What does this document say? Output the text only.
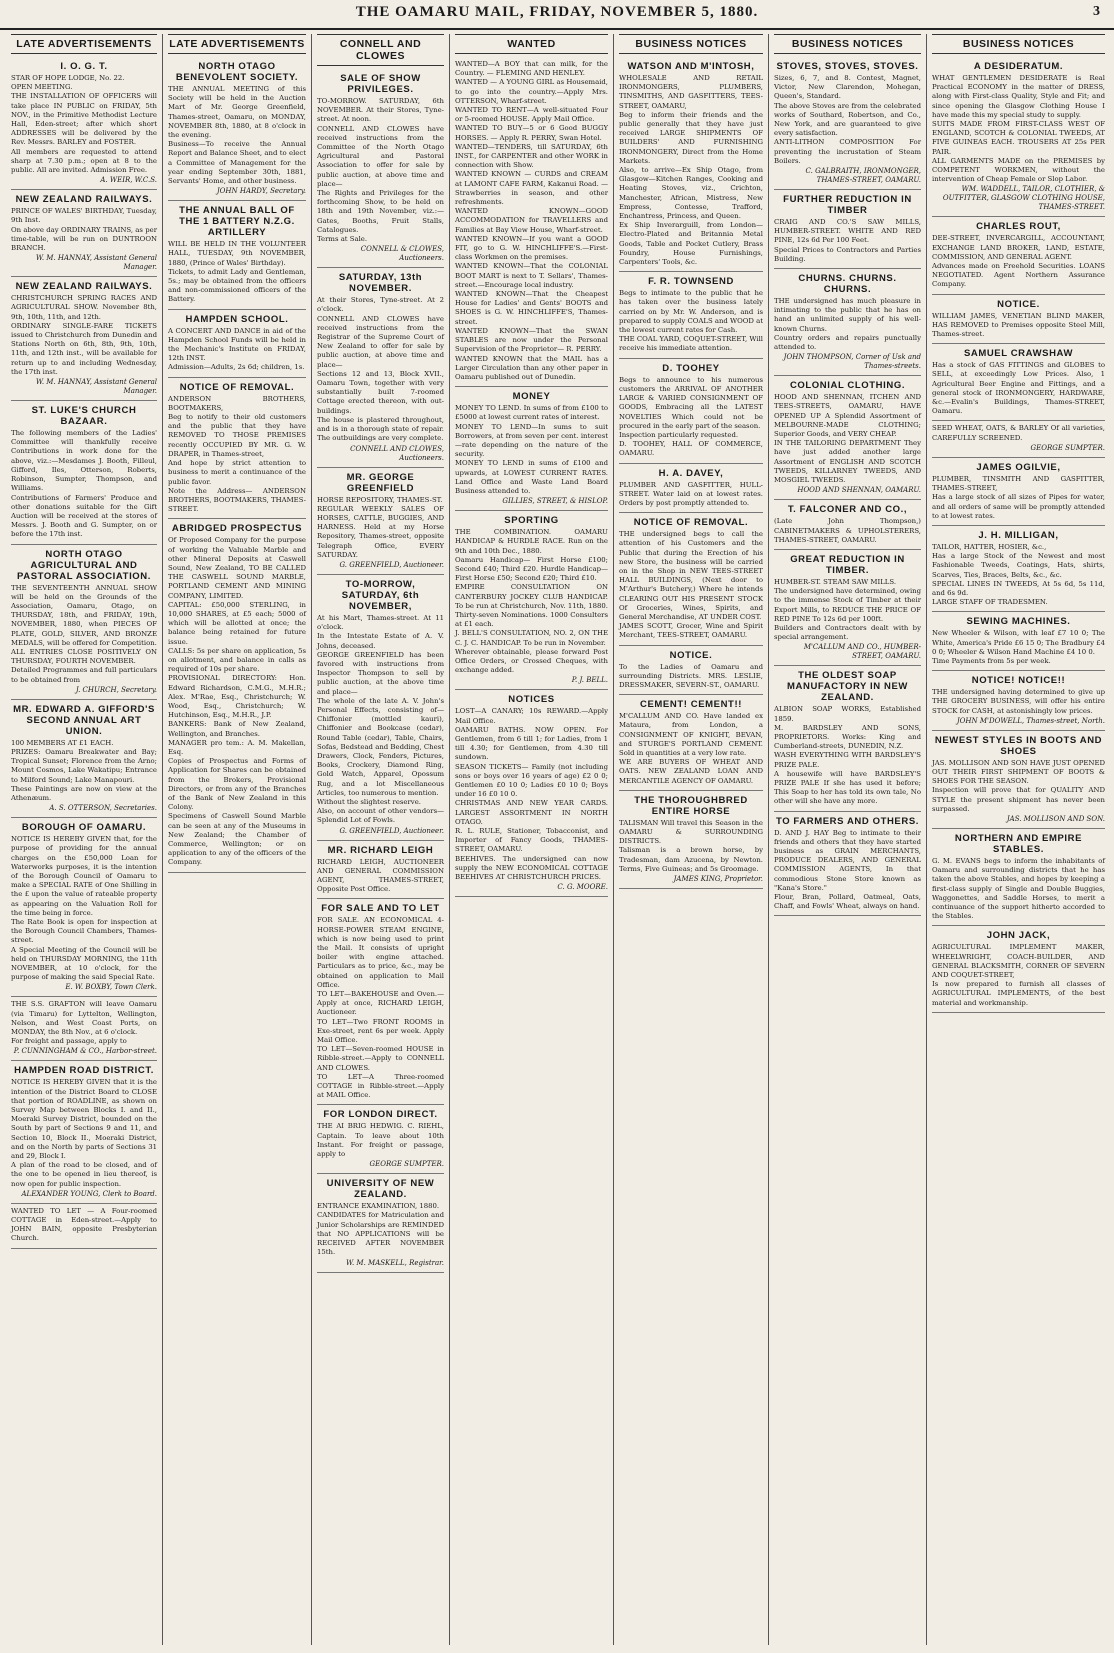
THE OAMARU MAIL, FRIDAY, NOVEMBER 5, 1880.	3
LATE ADVERTISEMENTS
I. O. G. T.

STAR OF HOPE LODGE, No. 22.

OPEN MEETING.

THE INSTALLATION OF OFFICERS will take place IN PUBLIC on FRIDAY, 5th NOV., in the Primitive Methodist Lecture Hall, Eden-street; after which short ADDRESSES will be delivered by the Rev. Messrs. BARLEY and FOSTER.

All members are requested to attend sharp at 7.30 p.m.; open at 8 to the public. All are invited. Admission Free.

A. WEIR, W.C.S.
NEW ZEALAND RAILWAYS.

PRINCE OF WALES' BIRTHDAY, Tuesday, 9th Inst.

On above day ORDINARY TRAINS, as per time-table, will be run on DUNTROON BRANCH.

W. M. HANNAY, Assistant General Manager.
NEW ZEALAND RAILWAYS.

CHRISTCHURCH SPRING RACES AND AGRICULTURAL SHOW. November 8th, 9th, 10th, 11th, and 12th.

ORDINARY SINGLE-FARE TICKETS issued to Christchurch from Dunedin and Stations North on 6th, 8th, 9th, 10th, 11th, and 12th inst., will be available for return up to and including Wednesday, the 17th inst.

W. M. HANNAY, Assistant General Manager.
ST. LUKE'S CHURCH BAZAAR.

The following members of the Ladies' Committee will thankfully receive Contributions in work done for the above, viz.:—Mesdames J. Booth, Filleul, Gifford, Iles, Otterson, Roberts, Robinson, Sumpter, Thompson, and Williams.

Contributions of Farmers' Produce and other donations suitable for the Gift Auction will be received at the stores of Messrs. J. Booth and G. Sumpter, on or before the 17th inst.

NORTH OTAGO AGRICULTURAL AND PASTORAL ASSOCIATION.

THE SEVENTEENTH ANNUAL SHOW will be held on the Grounds of the Association, Oamaru, Otago, on THURSDAY, 18th, and FRIDAY, 19th, NOVEMBER, 1880, when PIECES OF PLATE, GOLD, SILVER, AND BRONZE MEDALS, will be offered for Competition.

ALL ENTRIES CLOSE POSITIVELY ON THURSDAY, FOURTH NOVEMBER.

Detailed Programmes and full particulars to be obtained from

J. CHURCH, Secretary.
MR. EDWARD A. GIFFORD'S SECOND ANNUAL ART UNION.

100 MEMBERS AT £1 EACH.

PRIZES: Oamaru Breakwater and Bay; Tropical Sunset; Florence from the Arno; Mount Cosmos, Lake Wakatipu; Entrance to Milford Sound; Lake Manapouri.

These Paintings are now on view at the Athenæum.

A. S. OTTERSON, Secretaries.
BOROUGH OF OAMARU.

NOTICE IS HEREBY GIVEN that, for the purpose of providing for the annual charges on the £50,000 Loan for Waterworks purposes, it is the intention of the Borough Council of Oamaru to make a SPECIAL RATE of One Shilling in the £ upon the value of rateable property as appearing on the Valuation Roll for the time being in force.

The Rate Book is open for inspection at the Borough Council Chambers, Thames-street.

A Special Meeting of the Council will be held on THURSDAY MORNING, the 11th NOVEMBER, at 10 o'clock, for the purpose of making the said Special Rate.

E. W. BOXBY, Town Clerk.

THE S.S. GRAFTON will leave Oamaru (via Timaru) for Lyttelton, Wellington, Nelson, and West Coast Ports, on MONDAY, the 8th Nov., at 6 o'clock.

For freight and passage, apply to

P. CUNNINGHAM & CO., Harbor-street.
HAMPDEN ROAD DISTRICT.

NOTICE IS HEREBY GIVEN that it is the intention of the District Board to CLOSE that portion of ROADLINE, as shown on Survey Map between Blocks I. and II., Moeraki Survey District, bounded on the South by part of Sections 9 and 11, and Section 10, Block II., Moeraki District, and on the North by parts of Sections 31 and 29, Block I.

A plan of the road to be closed, and of the one to be opened in lieu thereof, is now open for public inspection.

ALEXANDER YOUNG, Clerk to Board.

WANTED TO LET — A Four-roomed COTTAGE in Eden-street.—Apply to JOHN BAIN, opposite Presbyterian Church.

LATE ADVERTISEMENTS
NORTH OTAGO BENEVOLENT SOCIETY.

THE ANNUAL MEETING of this Society will be held in the Auction Mart of Mr. George Greenfield, Thames-street, Oamaru, on MONDAY, NOVEMBER 8th, 1880, at 8 o'clock in the evening.

Business—To receive the Annual Report and Balance Sheet, and to elect a Committee of Management for the year ending September 30th, 1881, Servants' Home, and other business.

JOHN HARDY, Secretary.
THE ANNUAL BALL OF THE 1 BATTERY N.Z.G. ARTILLERY

WILL BE HELD IN THE VOLUNTEER HALL, TUESDAY, 9th NOVEMBER, 1880, (Prince of Wales' Birthday).

Tickets, to admit Lady and Gentleman, 5s.; may be obtained from the officers and non-commissioned officers of the Battery.

HAMPDEN SCHOOL.

A CONCERT AND DANCE in aid of the Hampden School Funds will be held in the Mechanic's Institute on FRIDAY, 12th INST.

Admission—Adults, 2s 6d; children, 1s.

NOTICE OF REMOVAL.

ANDERSON BROTHERS, BOOTMAKERS,

Beg to notify to their old customers and the public that they have REMOVED TO THOSE PREMISES recently OCCUPIED BY MR. G. W. DRAPER, in Thames-street,

And hope by strict attention to business to merit a continuance of the public favor.

Note the Address— ANDERSON BROTHERS, BOOTMAKERS, THAMES-STREET.

ABRIDGED PROSPECTUS

Of Proposed Company for the purpose of working the Valuable Marble and other Mineral Deposits at Caswell Sound, New Zealand, TO BE CALLED THE CASWELL SOUND MARBLE, PORTLAND CEMENT AND MINING COMPANY, LIMITED.

CAPITAL: £50,000 STERLING, in 10,000 SHARES, at £5 each; 5000 of which will be allotted at once; the balance being retained for future issue.

CALLS: 5s per share on application, 5s on allotment, and balance in calls as required of 10s per share.

PROVISIONAL DIRECTORY: Hon. Edward Richardson, C.M.G., M.H.R.; Alex. M'Rae, Esq., Christchurch; W. Wood, Esq., Christchurch; W. Hutchinson, Esq., M.H.R., J.P.

BANKERS: Bank of New Zealand, Wellington, and Branches.

MANAGER pro tem.: A. M. Makellan, Esq.

Copies of Prospectus and Forms of Application for Shares can be obtained from the Brokers, Provisional Directors, or from any of the Branches of the Bank of New Zealand in this Colony.

Specimens of Caswell Sound Marble can be seen at any of the Museums in New Zealand; the Chamber of Commerce, Wellington; or on application to any of the officers of the Company.

CONNELL AND CLOWES
SALE OF SHOW PRIVILEGES.

TO-MORROW. SATURDAY, 6th NOVEMBER. At their Stores, Tyne-street. At noon.

CONNELL AND CLOWES have received instructions from the Committee of the North Otago Agricultural and Pastoral Association to offer for sale by public auction, at above time and place—

The Rights and Privileges for the forthcoming Show, to be held on 18th and 19th November, viz.:—Gates, Booths, Fruit Stalls, Catalogues.

Terms at Sale.

CONNELL & CLOWES, Auctioneers.
SATURDAY, 13th NOVEMBER.

At their Stores, Tyne-street. At 2 o'clock.

CONNELL AND CLOWES have received instructions from the Registrar of the Supreme Court of New Zealand to offer for sale by public auction, at above time and place—

Sections 12 and 13, Block XVII., Oamaru Town, together with very substantially built 7-roomed Cottage erected thereon, with out-buildings.

The house is plastered throughout, and is in a thorough state of repair. The outbuildings are very complete.

CONNELL AND CLOWES, Auctioneers.
MR. GEORGE GREENFIELD

HORSE REPOSITORY, THAMES-ST.

REGULAR WEEKLY SALES OF HORSES, CATTLE, BUGGIES, AND HARNESS. Held at my Horse Repository, Thames-street, opposite Telegraph Office, EVERY SATURDAY.

G. GREENFIELD, Auctioneer.
TO-MORROW, SATURDAY, 6th NOVEMBER,

At his Mart, Thames-street. At 11 o'clock.

In the Intestate Estate of A. V. Johns, deceased.

GEORGE GREENFIELD has been favored with instructions from Inspector Thompson to sell by public auction, at the above time and place—

The whole of the late A. V. John's Personal Effects, consisting of—Chiffonier (mottled kauri), Chiffonier and Bookcase (cedar), Round Table (cedar), Table, Chairs, Sofas, Bedstead and Bedding, Chest Drawers, Clock, Fenders, Pictures, Books, Crockery, Diamond Ring, Gold Watch, Apparel, Opossum Rug, and a lot Miscellaneous Articles, too numerous to mention.

Without the slightest reserve.

Also, on account of other vendors—Splendid Lot of Fowls.

G. GREENFIELD, Auctioneer.
MR. RICHARD LEIGH

RICHARD LEIGH, AUCTIONEER AND GENERAL COMMISSION AGENT, THAMES-STREET, Opposite Post Office.

FOR SALE AND TO LET

FOR SALE. AN ECONOMICAL 4-HORSE-POWER STEAM ENGINE, which is now being used to print the Mail. It consists of upright boiler with engine attached. Particulars as to price, &c., may be obtained on application to Mail Office.

TO LET—BAKEHOUSE and Oven.—Apply at once, RICHARD LEIGH, Auctioneer.

TO LET—Two FRONT ROOMS in Exe-street, rent 6s per week. Apply Mail Office.

TO LET—Seven-roomed HOUSE in Ribble-street.—Apply to CONNELL AND CLOWES.

TO LET—A Three-roomed COTTAGE in Ribble-street.—Apply at MAIL Office.

FOR LONDON DIRECT.

THE AI BRIG HEDWIG. C. RIEHL, Captain. To leave about 10th Instant. For freight or passage, apply to

GEORGE SUMPTER.
UNIVERSITY OF NEW ZEALAND.

ENTRANCE EXAMINATION, 1880.

CANDIDATES for Matriculation and Junior Scholarships are REMINDED that NO APPLICATIONS will be RECEIVED AFTER NOVEMBER 15th.

W. M. MASKELL, Registrar.
WANTED

WANTED—A BOY that can milk, for the Country. — FLEMING AND HENLEY.

WANTED — A YOUNG GIRL as Housemaid, to go into the country.—Apply Mrs. OTTERSON, Wharf-street.

WANTED TO RENT—A well-situated Four or 5-roomed HOUSE. Apply Mail Office.

WANTED TO BUY—5 or 6 Good BUGGY HORSES. — Apply R. PERRY, Swan Hotel.

WANTED—TENDERS, till SATURDAY, 6th INST., for CARPENTER and other WORK in connection with Show.

WANTED KNOWN — CURDS and CREAM at LAMONT CAFE FARM, Kakanui Road. — Strawberries in season, and other refreshments.

WANTED KNOWN—GOOD ACCOMMODATION for TRAVELLERS and Families at Bay View House, Wharf-street.

WANTED KNOWN—If you want a GOOD FIT, go to G. W. HINCHLIFFE'S.—First-class Workmen on the premises.

WANTED KNOWN—That the COLONIAL BOOT MART is next to T. Sellars', Thames-street.—Encourage local industry.

WANTED KNOWN—That the Cheapest House for Ladies' and Gents' BOOTS and SHOES is G. W. HINCHLIFFE'S, Thames-street.

WANTED KNOWN—That the SWAN STABLES are now under the Personal Supervision of the Proprietor— R. PERRY.

WANTED KNOWN that the MAIL has a Larger Circulation than any other paper in Oamaru published out of Dunedin.

MONEY

MONEY TO LEND. In sums of from £100 to £5000 at lowest current rates of interest.

MONEY TO LEND—In sums to suit Borrowers, at from seven per cent. interest—rate depending on the nature of the security.

MONEY TO LEND in sums of £100 and upwards, at LOWEST CURRENT RATES. Land Office and Waste Land Board Business attended to.

GILLIES, STREET, & HISLOP.
SPORTING

THE COMBINATION. OAMARU HANDICAP & HURDLE RACE. Run on the 9th and 10th Dec., 1880.

Oamaru Handicap— First Horse £100; Second £40; Third £20. Hurdle Handicap— First Horse £50; Second £20; Third £10.

EMPIRE CONSULTATION ON CANTERBURY JOCKEY CLUB HANDICAP. To be run at Christchurch, Nov. 11th, 1880. Thirty-seven Nominations. 1000 Consulters at £1 each.

J. BELL'S CONSULTATION, NO. 2, ON THE C. J. C. HANDICAP. To be run in November.

Wherever obtainable, please forward Post Office Orders, or Crossed Cheques, with exchange added.

P. J. BELL.
NOTICES

LOST—A CANARY; 10s REWARD.—Apply Mail Office.

OAMARU BATHS. NOW OPEN. For Gentlemen, from 6 till 1; for Ladies, from 1 till 4.30; for Gentlemen, from 4.30 till sundown.

SEASON TICKETS— Family (not including sons or boys over 16 years of age) £2 0 0; Gentlemen £0 10 0; Ladies £0 10 0; Boys under 16 £0 10 0.

CHRISTMAS AND NEW YEAR CARDS. LARGEST ASSORTMENT IN NORTH OTAGO.

R. L. RULE, Stationer, Tobacconist, and Importer of Fancy Goods, THAMES-STREET, OAMARU.

BEEHIVES. The undersigned can now supply the NEW ECONOMICAL COTTAGE BEEHIVES AT CHRISTCHURCH PRICES.

C. G. MOORE.
BUSINESS NOTICES
WATSON AND M'INTOSH,

WHOLESALE AND RETAIL IRONMONGERS, PLUMBERS, TINSMITHS, AND GASFITTERS, TEES-STREET, OAMARU,

Beg to inform their friends and the public generally that they have just received LARGE SHIPMENTS OF BUILDERS' AND FURNISHING IRONMONGERY, Direct from the Home Markets.

Also, to arrive—Ex Ship Otago, from Glasgow—Kitchen Ranges, Cooking and Heating Stoves, viz., Crichton, Manchester, African, Mistress, New Empress, Contesse, Trafford, Enchantress, Princess, and Queen.

Ex Ship Inverarguill, from London—Electro-Plated and Britannia Metal Goods, Table and Pocket Cutlery, Brass Foundry, House Furnishings, Carpenters' Tools, &c.

F. R. TOWNSEND

Begs to intimate to the public that he has taken over the business lately carried on by Mr. W. Anderson, and is prepared to supply COALS and WOOD at the lowest current rates for Cash.

THE COAL YARD, COQUET-STREET, Will receive his immediate attention.

D. TOOHEY

Begs to announce to his numerous customers the ARRIVAL OF ANOTHER LARGE & VARIED CONSIGNMENT OF GOODS, Embracing all the LATEST NOVELTIES Which could not be procured in the early part of the season.

Inspection particularly requested.

D. TOOHEY, HALL OF COMMERCE, OAMARU.

H. A. DAVEY,

PLUMBER AND GASFITTER, HULL-STREET. Water laid on at lowest rates. Orders by post promptly attended to.

NOTICE OF REMOVAL.

THE undersigned begs to call the attention of his Customers and the Public that during the Erection of his new Store, the business will be carried on in the Shop in NEW TEES-STREET HALL BUILDINGS, (Next door to M'Arthur's Butchery,) Where he intends CLEARING OUT HIS PRESENT STOCK Of Groceries, Wines, Spirits, and General Merchandise, AT UNDER COST.

JAMES SCOTT, Grocer, Wine and Spirit Merchant, TEES-STREET, OAMARU.

NOTICE.

To the Ladies of Oamaru and surrounding Districts. MRS. LESLIE, DRESSMAKER, SEVERN-ST., OAMARU.

CEMENT! CEMENT!!

M'CALLUM AND CO. Have landed ex Mataura, from London, a CONSIGNMENT OF KNIGHT, BEVAN, and STURGE'S PORTLAND CEMENT. Sold in quantities at a very low rate.

WE ARE BUYERS OF WHEAT AND OATS. NEW ZEALAND LOAN AND MERCANTILE AGENCY OF OAMARU.

THE THOROUGHBRED ENTIRE HORSE

TALISMAN Will travel this Season in the OAMARU & SURROUNDING DISTRICTS.

Talisman is a brown horse, by Tradesman, dam Azucena, by Newton. Terms, Five Guineas; and 5s Groomage.

JAMES KING, Proprietor.
BUSINESS NOTICES
STOVES, STOVES, STOVES.

Sizes, 6, 7, and 8. Contest, Magnet, Victor, New Clarendon, Mohegan, Queen's, Standard.

The above Stoves are from the celebrated works of Southard, Robertson, and Co., New York, and are guaranteed to give every satisfaction.

ANTI-LITHON COMPOSITION For preventing the incrustation of Steam Boilers.

C. GALBRAITH, IRONMONGER, THAMES-STREET, OAMARU.
FURTHER REDUCTION IN TIMBER

CRAIG AND CO.'S SAW MILLS, HUMBER-STREET. WHITE AND RED PINE, 12s 6d Per 100 Feet.

Special Prices to Contractors and Parties Building.

CHURNS. CHURNS. CHURNS.

THE undersigned has much pleasure in intimating to the public that he has on hand an unlimited supply of his well-known Churns.

Country orders and repairs punctually attended to.

JOHN THOMPSON, Corner of Usk and Thames-streets.
COLONIAL CLOTHING.

HOOD AND SHENNAN, ITCHEN AND TEES-STREETS, OAMARU, HAVE OPENED UP A Splendid Assortment of MELBOURNE-MADE CLOTHING; Superior Goods, and VERY CHEAP.

IN THE TAILORING DEPARTMENT They have just added another large Assortment of ENGLISH AND SCOTCH TWEEDS, KILLARNEY TWEEDS, AND MOSGIEL TWEEDS.

HOOD AND SHENNAN, OAMARU.
T. FALCONER AND CO.,

(Late John Thompson,) CABINETMAKERS & UPHOLSTERERS, THAMES-STREET, OAMARU.

GREAT REDUCTION IN TIMBER.

HUMBER-ST. STEAM SAW MILLS.

The undersigned have determined, owing to the immense Stock of Timber at their Export Mills, to REDUCE THE PRICE OF RED PINE To 12s 6d per 100ft.

Builders and Contractors dealt with by special arrangement.

M'CALLUM AND CO., HUMBER-STREET, OAMARU.
THE OLDEST SOAP MANUFACTORY IN NEW ZEALAND.

ALBION SOAP WORKS, Established 1859.

M. BARDSLEY AND SONS, PROPRIETORS. Works: King and Cumberland-streets, DUNEDIN, N.Z.

WASH EVERYTHING WITH BARDSLEY'S PRIZE PALE.

A housewife will have BARDSLEY'S PRIZE PALE If she has used it before; This Soap to her has told its own tale, No other will she have any more.

TO FARMERS AND OTHERS.

D. AND J. HAY Beg to intimate to their friends and others that they have started business as GRAIN MERCHANTS, PRODUCE DEALERS, AND GENERAL COMMISSION AGENTS, In that commodious Stone Store known as "Kana's Store."

Flour, Bran, Pollard, Oatmeal, Oats, Chaff, and Fowls' Wheat, always on hand.

BUSINESS NOTICES
A DESIDERATUM.

WHAT GENTLEMEN DESIDERATE is Real Practical ECONOMY in the matter of DRESS, along with First-class Quality, Style and Fit; and since opening the Glasgow Clothing House I have made this my special study to supply.

SUITS MADE FROM FIRST-CLASS WEST OF ENGLAND, SCOTCH & COLONIAL TWEEDS, AT FIVE GUINEAS EACH. TROUSERS AT 25s PER PAIR.

ALL GARMENTS MADE on the PREMISES by COMPETENT WORKMEN, without the intervention of Cheap Female or Slop Labor.

WM. WADDELL, TAILOR, CLOTHIER, & OUTFITTER, GLASGOW CLOTHING HOUSE, THAMES-STREET.
CHARLES ROUT,

DEE-STREET, INVERCARGILL, ACCOUNTANT, EXCHANGE LAND BROKER, LAND, ESTATE, COMMISSION, AND GENERAL AGENT.

Advances made on Freehold Securities. LOANS NEGOTIATED. Agent Northern Assurance Company.

NOTICE.

WILLIAM JAMES, VENETIAN BLIND MAKER, HAS REMOVED to Premises opposite Steel Mill, Thames-street.

SAMUEL CRAWSHAW

Has a stock of GAS FITTINGS and GLOBES to SELL, at exceedingly Low Prices. Also, 1 Agricultural Beer Engine and Fittings, and a general stock of IRONMONGERY, HARDWARE, &c.—Evalin's Buildings, Thames-STREET, Oamaru.

SEED WHEAT, OATS, & BARLEY Of all varieties, CAREFULLY SCREENED.

GEORGE SUMPTER.
JAMES OGILVIE,

PLUMBER, TINSMITH AND GASFITTER, THAMES-STREET,

Has a large stock of all sizes of Pipes for water, and all orders of same will be promptly attended to at lowest rates.

J. H. MILLIGAN,

TAILOR, HATTER, HOSIER, &c.,

Has a large Stock of the Newest and most Fashionable Tweeds, Coatings, Hats, shirts, Scarves, Ties, Braces, Belts, &c., &c.

SPECIAL LINES IN TWEEDS, At 5s 6d, 5s 11d, and 6s 9d.

LARGE STAFF OF TRADESMEN.

SEWING MACHINES.

New Wheeler & Wilson, with leaf £7 10 0; The White, America's Pride £6 15 0; The Bradbury £4 0 0; Wheeler & Wilson Hand Machine £4 10 0.

Time Payments from 5s per week.

NOTICE! NOTICE!!

THE undersigned having determined to give up THE GROCERY BUSINESS, will offer his entire STOCK for CASH, at astonishingly low prices.

JOHN M'DOWELL, Thames-street, North.
NEWEST STYLES IN BOOTS AND SHOES

JAS. MOLLISON AND SON HAVE JUST OPENED OUT THEIR FIRST SHIPMENT OF BOOTS & SHOES FOR THE SEASON.

Inspection will prove that for QUALITY AND STYLE the present shipment has never been surpassed.

JAS. MOLLISON AND SON.
NORTHERN AND EMPIRE STABLES.

G. M. EVANS begs to inform the inhabitants of Oamaru and surrounding districts that he has taken the above Stables, and hopes by keeping a first-class supply of Single and Double Buggies, Waggonettes, and Saddle Horses, to merit a continuance of the support hitherto accorded to the Stables.

JOHN JACK,

AGRICULTURAL IMPLEMENT MAKER, WHEELWRIGHT, COACH-BUILDER, AND GENERAL BLACKSMITH, CORNER OF SEVERN AND COQUET-STREET,

Is now prepared to furnish all classes of AGRICULTURAL IMPLEMENTS, of the best material and workmanship.
